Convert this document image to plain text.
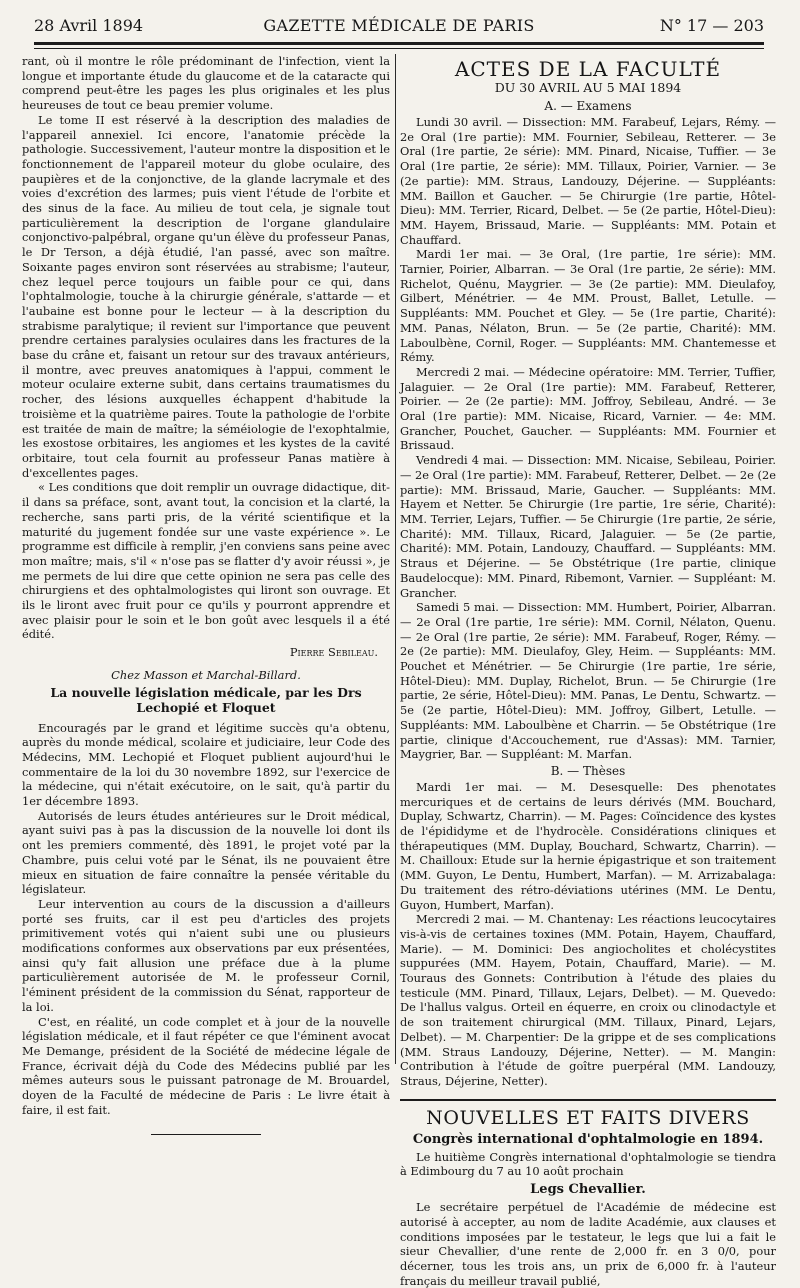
28 Avril 1894	GAZETTE MÉDICALE DE PARIS	N° 17 — 203

rant, où il montre le rôle prédominant de l'infection, vient la longue et importante étude du glaucome et de la cataracte qui comprend peut-être les pages les plus originales et les plus heureuses de tout ce beau premier volume.

Le tome II est réservé à la description des maladies de l'appareil annexiel. Ici encore, l'anatomie précède la pathologie. Successivement, l'auteur montre la disposition et le fonctionnement de l'appareil moteur du globe oculaire, des paupières et de la conjonctive, de la glande lacrymale et des voies d'excrétion des larmes; puis vient l'étude de l'orbite et des sinus de la face. Au milieu de tout cela, je signale tout particulièrement la description de l'organe glandulaire conjonctivo-palpébral, organe qu'un élève du professeur Panas, le Dr Terson, a déjà étudié, l'an passé, avec son maître. Soixante pages environ sont réservées au strabisme; l'auteur, chez lequel perce toujours un faible pour ce qui, dans l'ophtalmologie, touche à la chirurgie générale, s'attarde — et l'aubaine est bonne pour le lecteur — à la description du strabisme paralytique; il revient sur l'importance que peuvent prendre certaines paralysies oculaires dans les fractures de la base du crâne et, faisant un retour sur des travaux antérieurs, il montre, avec preuves anatomiques à l'appui, comment le moteur oculaire externe subit, dans certains traumatismes du rocher, des lésions auxquelles échappent d'habitude la troisième et la quatrième paires. Toute la pathologie de l'orbite est traitée de main de maître; la séméiologie de l'exophtalmie, les exostose orbitaires, les angiomes et les kystes de la cavité orbitaire, tout cela fournit au professeur Panas matière à d'excellentes pages.

« Les conditions que doit remplir un ouvrage didactique, dit-il dans sa préface, sont, avant tout, la concision et la clarté, la recherche, sans parti pris, de la vérité scientifique et la maturité du jugement fondée sur une vaste expérience ». Le programme est difficile à remplir, j'en conviens sans peine avec mon maître; mais, s'il « n'ose pas se flatter d'y avoir réussi », je me permets de lui dire que cette opinion ne sera pas celle des chirurgiens et des ophtalmologistes qui liront son ouvrage. Et ils le liront avec fruit pour ce qu'ils y pourront apprendre et avec plaisir pour le soin et le bon goût avec lesquels il a été édité.

Pierre Sebileau.

Chez Masson et Marchal-Billard.

La nouvelle législation médicale, par les Drs Lechopié et Floquet

Encouragés par le grand et légitime succès qu'a obtenu, auprès du monde médical, scolaire et judiciaire, leur Code des Médecins, MM. Lechopié et Floquet publient aujourd'hui le commentaire de la loi du 30 novembre 1892, sur l'exercice de la médecine, qui n'était exécutoire, on le sait, qu'à partir du 1er décembre 1893.

Autorisés de leurs études antérieures sur le Droit médical, ayant suivi pas à pas la discussion de la nouvelle loi dont ils ont les premiers commenté, dès 1891, le projet voté par la Chambre, puis celui voté par le Sénat, ils ne pouvaient être mieux en situation de faire connaître la pensée véritable du législateur.

Leur intervention au cours de la discussion a d'ailleurs porté ses fruits, car il est peu d'articles des projets primitivement votés qui n'aient subi une ou plusieurs modifications conformes aux observations par eux présentées, ainsi qu'y fait allusion une préface due à la plume particulièrement autorisée de M. le professeur Cornil, l'éminent président de la commission du Sénat, rapporteur de la loi.

C'est, en réalité, un code complet et à jour de la nouvelle législation médicale, et il faut répéter ce que l'éminent avocat Me Demange, président de la Société de médecine légale de France, écrivait déjà du Code des Médecins publié par les mêmes auteurs sous le puissant patronage de M. Brouardel, doyen de la Faculté de médecine de Paris : Le livre était à faire, il est fait.

ACTES DE LA FACULTÉ
DU 30 AVRIL AU 5 MAI 1894
A. — Examens

Lundi 30 avril. — Dissection: MM. Farabeuf, Lejars, Rémy. — 2e Oral (1re partie): MM. Fournier, Sebileau, Retterer. — 3e Oral (1re partie, 2e série): MM. Pinard, Nicaise, Tuffier. — 3e Oral (1re partie, 2e série): MM. Tillaux, Poirier, Varnier. — 3e (2e partie): MM. Straus, Landouzy, Déjerine. — Suppléants: MM. Baillon et Gaucher. — 5e Chirurgie (1re partie, Hôtel-Dieu): MM. Terrier, Ricard, Delbet. — 5e (2e partie, Hôtel-Dieu): MM. Hayem, Brissaud, Marie. — Suppléants: MM. Potain et Chauffard.

Mardi 1er mai. — 3e Oral, (1re partie, 1re série): MM. Tarnier, Poirier, Albarran. — 3e Oral (1re partie, 2e série): MM. Richelot, Quénu, Maygrier. — 3e (2e partie): MM. Dieulafoy, Gilbert, Ménétrier. — 4e MM. Proust, Ballet, Letulle. — Suppléants: MM. Pouchet et Gley. — 5e (1re partie, Charité): MM. Panas, Nélaton, Brun. — 5e (2e partie, Charité): MM. Laboulbène, Cornil, Roger. — Suppléants: MM. Chantemesse et Rémy.

Mercredi 2 mai. — Médecine opératoire: MM. Terrier, Tuffier, Jalaguier. — 2e Oral (1re partie): MM. Farabeuf, Retterer, Poirier. — 2e (2e partie): MM. Joffroy, Sebileau, André. — 3e Oral (1re partie): MM. Nicaise, Ricard, Varnier. — 4e: MM. Grancher, Pouchet, Gaucher. — Suppléants: MM. Fournier et Brissaud.

Vendredi 4 mai. — Dissection: MM. Nicaise, Sebileau, Poirier. — 2e Oral (1re partie): MM. Farabeuf, Retterer, Delbet. — 2e (2e partie): MM. Brissaud, Marie, Gaucher. — Suppléants: MM. Hayem et Netter. 5e Chirurgie (1re partie, 1re série, Charité): MM. Terrier, Lejars, Tuffier. — 5e Chirurgie (1re partie, 2e série, Charité): MM. Tillaux, Ricard, Jalaguier. — 5e (2e partie, Charité): MM. Potain, Landouzy, Chauffard. — Suppléants: MM. Straus et Déjerine. — 5e Obstétrique (1re partie, clinique Baudelocque): MM. Pinard, Ribemont, Varnier. — Suppléant: M. Grancher.

Samedi 5 mai. — Dissection: MM. Humbert, Poirier, Albarran. — 2e Oral (1re partie, 1re série): MM. Cornil, Nélaton, Quenu. — 2e Oral (1re partie, 2e série): MM. Farabeuf, Roger, Rémy. — 2e (2e partie): MM. Dieulafoy, Gley, Heim. — Suppléants: MM. Pouchet et Ménétrier. — 5e Chirurgie (1re partie, 1re série, Hôtel-Dieu): MM. Duplay, Richelot, Brun. — 5e Chirurgie (1re partie, 2e série, Hôtel-Dieu): MM. Panas, Le Dentu, Schwartz. — 5e (2e partie, Hôtel-Dieu): MM. Joffroy, Gilbert, Letulle. — Suppléants: MM. Laboulbène et Charrin. — 5e Obstétrique (1re partie, clinique d'Accouchement, rue d'Assas): MM. Tarnier, Maygrier, Bar. — Suppléant: M. Marfan.

B. — Thèses

Mardi 1er mai. — M. Desesquelle: Des phenotates mercuriques et de certains de leurs dérivés (MM. Bouchard, Duplay, Schwartz, Charrin). — M. Pages: Coïncidence des kystes de l'épididyme et de l'hydrocèle. Considérations cliniques et thérapeutiques (MM. Duplay, Bouchard, Schwartz, Charrin). — M. Chailloux: Etude sur la hernie épigastrique et son traitement (MM. Guyon, Le Dentu, Humbert, Marfan). — M. Arrizabalaga: Du traitement des rétro-déviations utérines (MM. Le Dentu, Guyon, Humbert, Marfan).

Mercredi 2 mai. — M. Chantenay: Les réactions leucocytaires vis-à-vis de certaines toxines (MM. Potain, Hayem, Chauffard, Marie). — M. Dominici: Des angiocholites et cholécystites suppurées (MM. Hayem, Potain, Chauffard, Marie). — M. Touraus des Gonnets: Contribution à l'étude des plaies du testicule (MM. Pinard, Tillaux, Lejars, Delbet). — M. Quevedo: De l'hallus valgus. Orteil en équerre, en croix ou clinodactyle et de son traitement chirurgical (MM. Tillaux, Pinard, Lejars, Delbet). — M. Charpentier: De la grippe et de ses complications (MM. Straus Landouzy, Déjerine, Netter). — M. Mangin: Contribution à l'étude de goître puerpéral (MM. Landouzy, Straus, Déjerine, Netter).

NOUVELLES ET FAITS DIVERS
Congrès international d'ophtalmologie en 1894.

Le huitième Congrès international d'ophtalmologie se tiendra à Edimbourg du 7 au 10 août prochain

Legs Chevallier.

Le secrétaire perpétuel de l'Académie de médecine est autorisé à accepter, au nom de ladite Académie, aux clauses et conditions imposées par le testateur, le legs que lui a fait le sieur Chevallier, d'une rente de 2,000 fr. en 3 0/0, pour décerner, tous les trois ans, un prix de 6,000 fr. à l'auteur français du meilleur travail publié,
